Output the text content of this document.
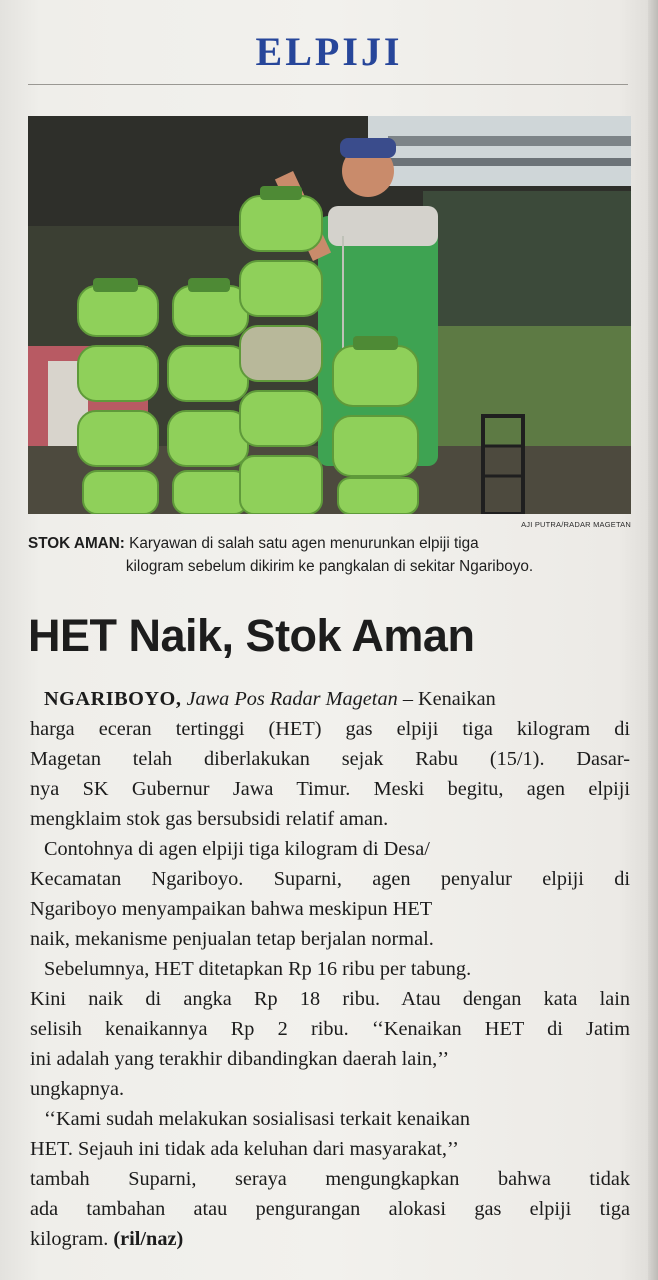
ELPIJI
AJI PUTRA/RADAR MAGETAN
STOK AMAN: Karyawan di salah satu agen menurunkan elpiji tiga
kilogram sebelum dikirim ke pangkalan di sekitar Ngariboyo.
HET Naik, Stok Aman
NGARIBOYO, Jawa Pos Radar Magetan – Kenaikan
harga eceran tertinggi (HET) gas elpiji tiga kilogram di
Magetan telah diberlakukan sejak Rabu (15/1). Dasar-
nya SK Gubernur Jawa Timur. Meski begitu, agen elpiji
mengklaim stok gas bersubsidi relatif aman.
Contohnya di agen elpiji tiga kilogram di Desa/
Kecamatan Ngariboyo. Suparni, agen penyalur elpiji di
Ngariboyo menyampaikan bahwa meskipun HET
naik, mekanisme penjualan tetap berjalan normal.
Sebelumnya, HET ditetapkan Rp 16 ribu per tabung.
Kini naik di angka Rp 18 ribu. Atau dengan kata lain
selisih kenaikannya Rp 2 ribu. ‘‘Kenaikan HET di Jatim
ini adalah yang terakhir dibandingkan daerah lain,’’
ungkapnya.
‘‘Kami sudah melakukan sosialisasi terkait kenaikan
HET. Sejauh ini tidak ada keluhan dari masyarakat,’’
tambah Suparni, seraya mengungkapkan bahwa tidak
ada tambahan atau pengurangan alokasi gas elpiji tiga
kilogram. (ril/naz)
